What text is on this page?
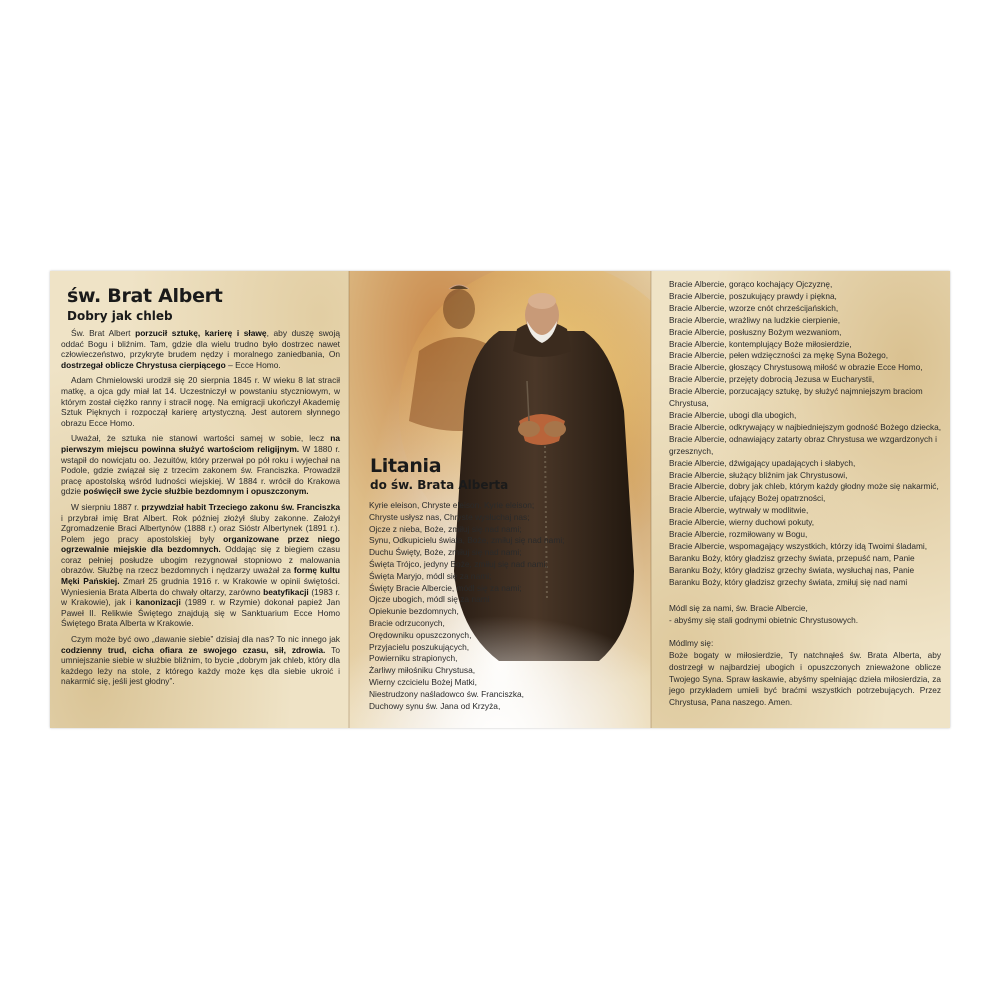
św. Brat Albert
Dobry jak chleb

Św. Brat Albert porzucił sztukę, karierę i sławę, aby duszę swoją oddać Bogu i bliźnim. Tam, gdzie dla wielu trudno było dostrzec nawet człowieczeństwo, przykryte brudem nędzy i moralnego zaniedbania, On dostrzegał oblicze Chrystusa cierpiącego – Ecce Homo.

Adam Chmielowski urodził się 20 sierpnia 1845 r. W wieku 8 lat stracił matkę, a ojca gdy miał lat 14. Uczestniczył w powstaniu styczniowym, w którym został ciężko ranny i stracił nogę. Na emigracji ukończył Akademię Sztuk Pięknych i rozpoczął karierę artystyczną. Jest autorem słynnego obrazu Ecce Homo.

Uważał, że sztuka nie stanowi wartości samej w sobie, lecz na pierwszym miejscu powinna służyć wartościom religijnym. W 1880 r. wstąpił do nowicjatu oo. Jezuitów, który przerwał po pół roku i wyjechał na Podole, gdzie związał się z trzecim zakonem św. Franciszka. Prowadził pracę apostolską wśród ludności wiejskiej. W 1884 r. wrócił do Krakowa gdzie poświęcił swe życie służbie bezdomnym i opuszczonym.

W sierpniu 1887 r. przywdział habit Trzeciego zakonu św. Franciszka i przybrał imię Brat Albert. Rok później złożył śluby zakonne. Założył Zgromadzenie Braci Albertynów (1888 r.) oraz Sióstr Albertynek (1891 r.). Polem jego pracy apostolskiej były organizowane przez niego ogrzewalnie miejskie dla bezdomnych. Oddając się z biegiem czasu coraz pełniej posłudze ubogim rezygnował stopniowo z malowania obrazów. Służbę na rzecz bezdomnych i nędzarzy uważał za formę kultu Męki Pańskiej. Zmarł 25 grudnia 1916 r. w Krakowie w opinii świętości. Wyniesienia Brata Alberta do chwały ołtarzy, zarówno beatyfikacji (1983 r. w Krakowie), jak i kanonizacji (1989 r. w Rzymie) dokonał papież Jan Paweł II. Relikwie Świętego znajdują się w Sanktuarium Ecce Homo Świętego Brata Alberta w Krakowie.

Czym może być owo „dawanie siebie” dzisiaj dla nas? To nic innego jak codzienny trud, cicha ofiara ze swojego czasu, sił, zdrowia. To umniejszanie siebie w służbie bliźnim, to bycie „dobrym jak chleb, który dla każdego leży na stole, z którego każdy może kęs dla siebie ukroić i nakarmić się, jeśli jest głodny”.

Litania
do św. Brata Alberta
Kyrie eleison, Chryste eleison, Kyrie eleison;
Chryste usłysz nas, Chryste wysłuchaj nas;
Ojcze z nieba, Boże, zmiłuj się nad nami;
Synu, Odkupicielu świata, Boże, zmiłuj się nad nami;
Duchu Święty, Boże, zmiłuj się nad nami;
Święta Trójco, jedyny Boże, zmiłuj się nad nami;
Święta Maryjo, módl się za nami;
Święty Bracie Albercie, módl się za nami;
Ojcze ubogich, módl się za nami
Opiekunie bezdomnych,
Bracie odrzuconych,
Orędowniku opuszczonych,
Przyjacielu poszukujących,
Powierniku strapionych,
Żarliwy miłośniku Chrystusa,
Wierny czcicielu Bożej Matki,
Niestrudzony naśladowco św. Franciszka,
Duchowy synu św. Jana od Krzyża,
Bracie Albercie, gorąco kochający Ojczyznę,
Bracie Albercie, poszukujący prawdy i piękna,
Bracie Albercie, wzorze cnót chrześcijańskich,
Bracie Albercie, wrażliwy na ludzkie cierpienie,
Bracie Albercie, posłuszny Bożym wezwaniom,
Bracie Albercie, kontemplujący Boże miłosierdzie,
Bracie Albercie, pełen wdzięczności za mękę Syna Bożego,
Bracie Albercie, głoszący Chrystusową miłość w obrazie Ecce Homo,
Bracie Albercie, przejęty dobrocią Jezusa w Eucharystii,
Bracie Albercie, porzucający sztukę, by służyć najmniejszym braciom Chrystusa,
Bracie Albercie, ubogi dla ubogich,
Bracie Albercie, odkrywający w najbiedniejszym godność Bożego dziecka,
Bracie Albercie, odnawiający zatarty obraz Chrystusa we wzgardzonych i grzesznych,
Bracie Albercie, dźwigający upadających i słabych,
Bracie Albercie, służący bliźnim jak Chrystusowi,
Bracie Albercie, dobry jak chleb, którym każdy głodny może się nakarmić,
Bracie Albercie, ufający Bożej opatrzności,
Bracie Albercie, wytrwały w modlitwie,
Bracie Albercie, wierny duchowi pokuty,
Bracie Albercie, rozmiłowany w Bogu,
Bracie Albercie, wspomagający wszystkich, którzy idą Twoimi śladami,
Baranku Boży, który gładzisz grzechy świata, przepuść nam, Panie
Baranku Boży, który gładzisz grzechy świata, wysłuchaj nas, Panie
Baranku Boży, który gładzisz grzechy świata, zmiłuj się nad nami

Módl się za nami, św. Bracie Albercie,

- abyśmy się stali godnymi obietnic Chrystusowych.

Módlmy się:

Boże bogaty w miłosierdzie, Ty natchnąłeś św. Brata Alberta, aby dostrzegł w najbardziej ubogich i opuszczonych znieważone oblicze Twojego Syna. Spraw łaskawie, abyśmy spełniając dzieła miłosierdzia, za jego przykładem umieli być braćmi wszystkich potrzebujących. Przez Chrystusa, Pana naszego. Amen.
